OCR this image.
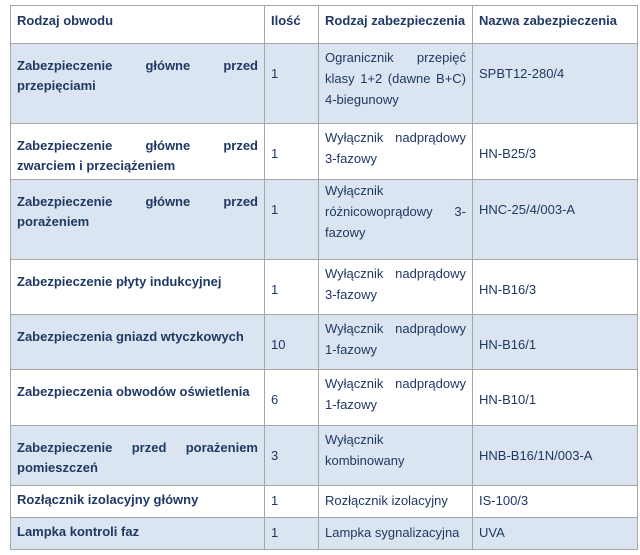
Rodzaj obwodu	Ilość	Rodzaj zabezpieczenia	Nazwa zabezpieczenia
Zabezpieczenie główne przed przepięciami	1	Ogranicznik przepięć klasy 1+2 (dawne B+C) 4-biegunowy	SPBT12-280/4
Zabezpieczenie główne przed zwarciem i przeciążeniem	1	Wyłącznik nadprądowy 3-fazowy	HN-B25/3
Zabezpieczenie główne przed porażeniem	1	Wyłącznik różnicowoprądowy 3-fazowy	HNC-25/4/003-A
Zabezpieczenie płyty indukcyjnej	1	Wyłącznik nadprądowy 3-fazowy	HN-B16/3
Zabezpieczenia gniazd wtyczkowych	10	Wyłącznik nadprądowy 1-fazowy	HN-B16/1
Zabezpieczenia obwodów oświetlenia	6	Wyłącznik nadprądowy 1-fazowy	HN-B10/1
Zabezpieczenie przed porażeniem pomieszczeń	3	Wyłącznik kombinowany	HNB-B16/1N/003-A
Rozłącznik izolacyjny główny	1	Rozłącznik izolacyjny	IS-100/3
Lampka kontroli faz	1	Lampka sygnalizacyjna	UVA
